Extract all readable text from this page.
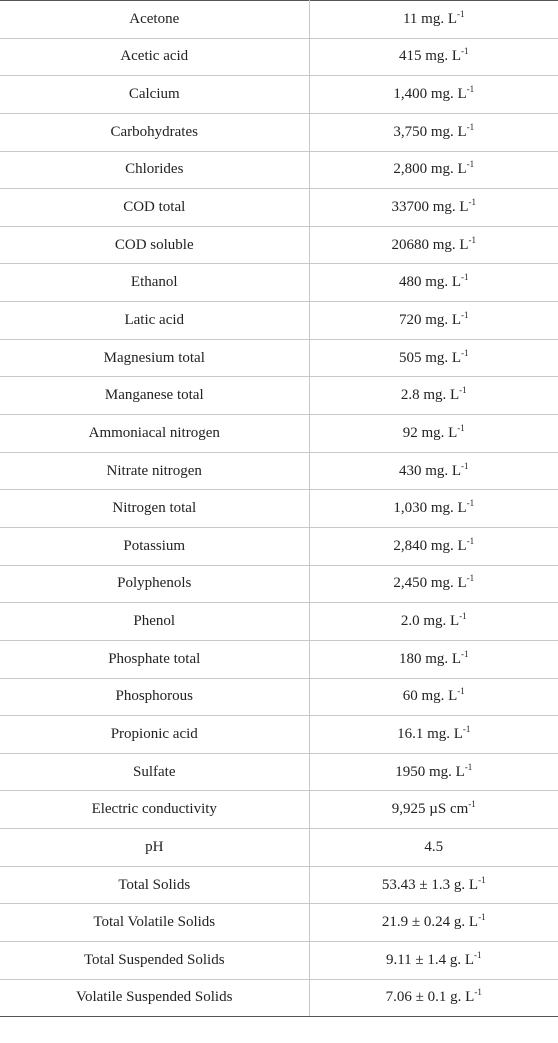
Acetone	11 mg. $L^{-1}$
Acetic acid	415 mg. $L^{-1}$
Calcium	1,400 mg. $L^{-1}$
Carbohydrates	3,750 mg. $L^{-1}$
Chlorides	2,800 mg. $L^{-1}$
COD total	33700 mg. $L^{-1}$
COD soluble	20680 mg. $L^{-1}$
Ethanol	480 mg. $L^{-1}$
Latic acid	720 mg. $L^{-1}$
Magnesium total	505 mg. $L^{-1}$
Manganese total	2.8 mg. $L^{-1}$
Ammoniacal nitrogen	92 mg. $L^{-1}$
Nitrate nitrogen	430 mg. $L^{-1}$
Nitrogen total	1,030 mg. $L^{-1}$
Potassium	2,840 mg. $L^{-1}$
Polyphenols	2,450 mg. $L^{-1}$
Phenol	2.0 mg. $L^{-1}$
Phosphate total	180 mg. $L^{-1}$
Phosphorous	60 mg. $L^{-1}$
Propionic acid	16.1 mg. $L^{-1}$
Sulfate	1950 mg. $L^{-1}$
Electric conductivity	9,925 µS $cm^{-1}$
pH	4.5
Total Solids	53.43 ± 1.3 g. $L^{-1}$
Total Volatile Solids	21.9 ± 0.24 g. $L^{-1}$
Total Suspended Solids	9.11 ± 1.4 g. $L^{-1}$
Volatile Suspended Solids	7.06 ± 0.1 g. $L^{-1}$
